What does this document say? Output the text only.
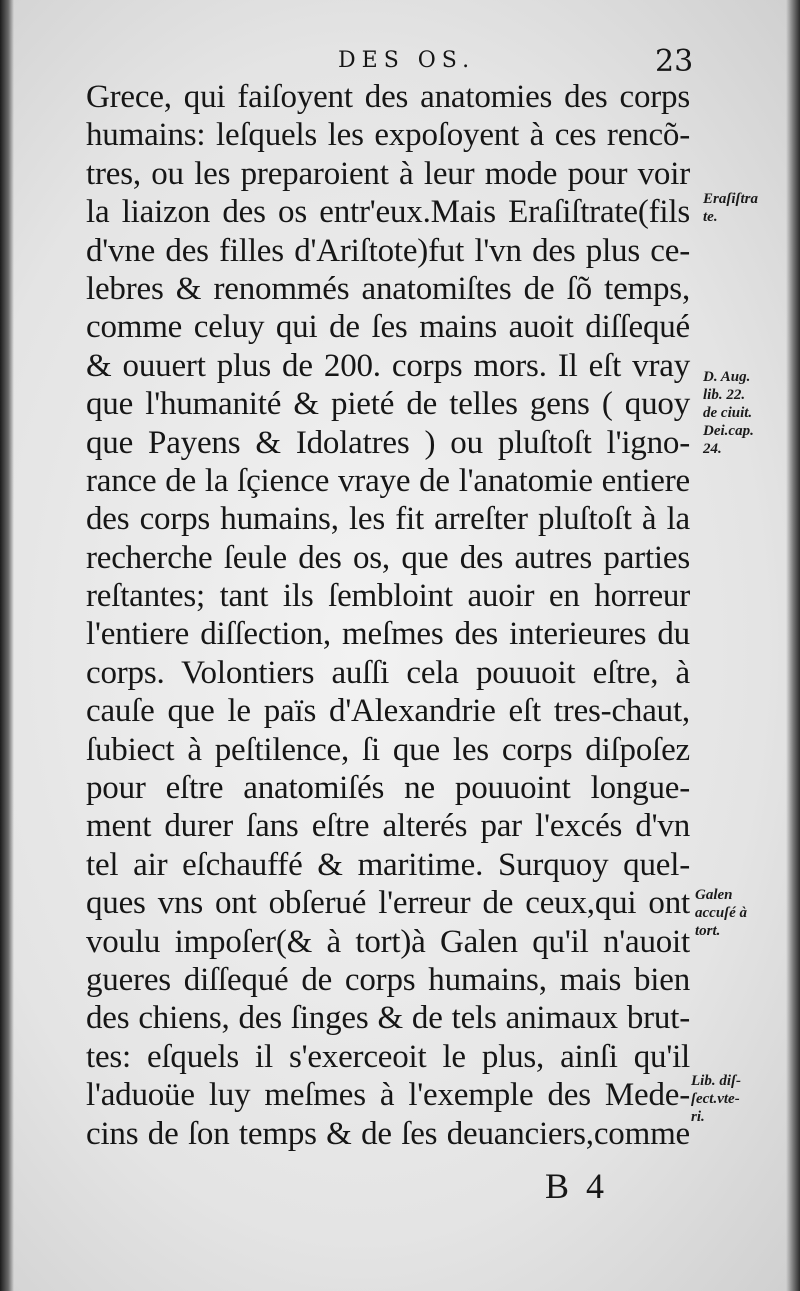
DES OS.	23
Grece, qui faiſoyent des anatomies des corps
humains: leſquels les expoſoyent à ces rencõ-
tres, ou les preparoient à leur mode pour voir
la liaizon des os entr'eux.Mais Eraſiſtrate(fils
d'vne des filles d'Ariſtote)fut l'vn des plus ce-
lebres & renommés anatomiſtes de ſõ temps,
comme celuy qui de ſes mains auoit diſſequé
& ouuert plus de 200. corps mors. Il eſt vray
que l'humanité & pieté de telles gens ( quoy
que Payens & Idolatres ) ou pluſtoſt l'igno-
rance de la ſçience vraye de l'anatomie entiere
des corps humains, les fit arreſter pluſtoſt à la
recherche ſeule des os, que des autres parties
reſtantes; tant ils ſembloint auoir en horreur
l'entiere diſſection, meſmes des interieures du
corps. Volontiers auſſi cela pouuoit eſtre, à
cauſe que le païs d'Alexandrie eſt tres-chaut,
ſubiect à peſtilence, ſi que les corps diſpoſez
pour eſtre anatomiſés ne pouuoint longue-
ment durer ſans eſtre alterés par l'excés d'vn
tel air eſchauffé & maritime. Surquoy quel-
ques vns ont obſerué l'erreur de ceux,qui ont
voulu impoſer(& à tort)à Galen qu'il n'auoit
gueres diſſequé de corps humains, mais bien
des chiens, des ſinges & de tels animaux brut-
tes: eſquels il s'exerceoit le plus, ainſi qu'il
l'aduoüe luy meſmes à l'exemple des Mede-
cins de ſon temps & de ſes deuanciers,comme
Eraſiſtra
te.
D. Aug.
lib. 22.
de ciuit.
Dei.cap.
24.
Galen
accuſé à
tort.
Lib. diſ-
ſect.vte-
ri.
B 4
